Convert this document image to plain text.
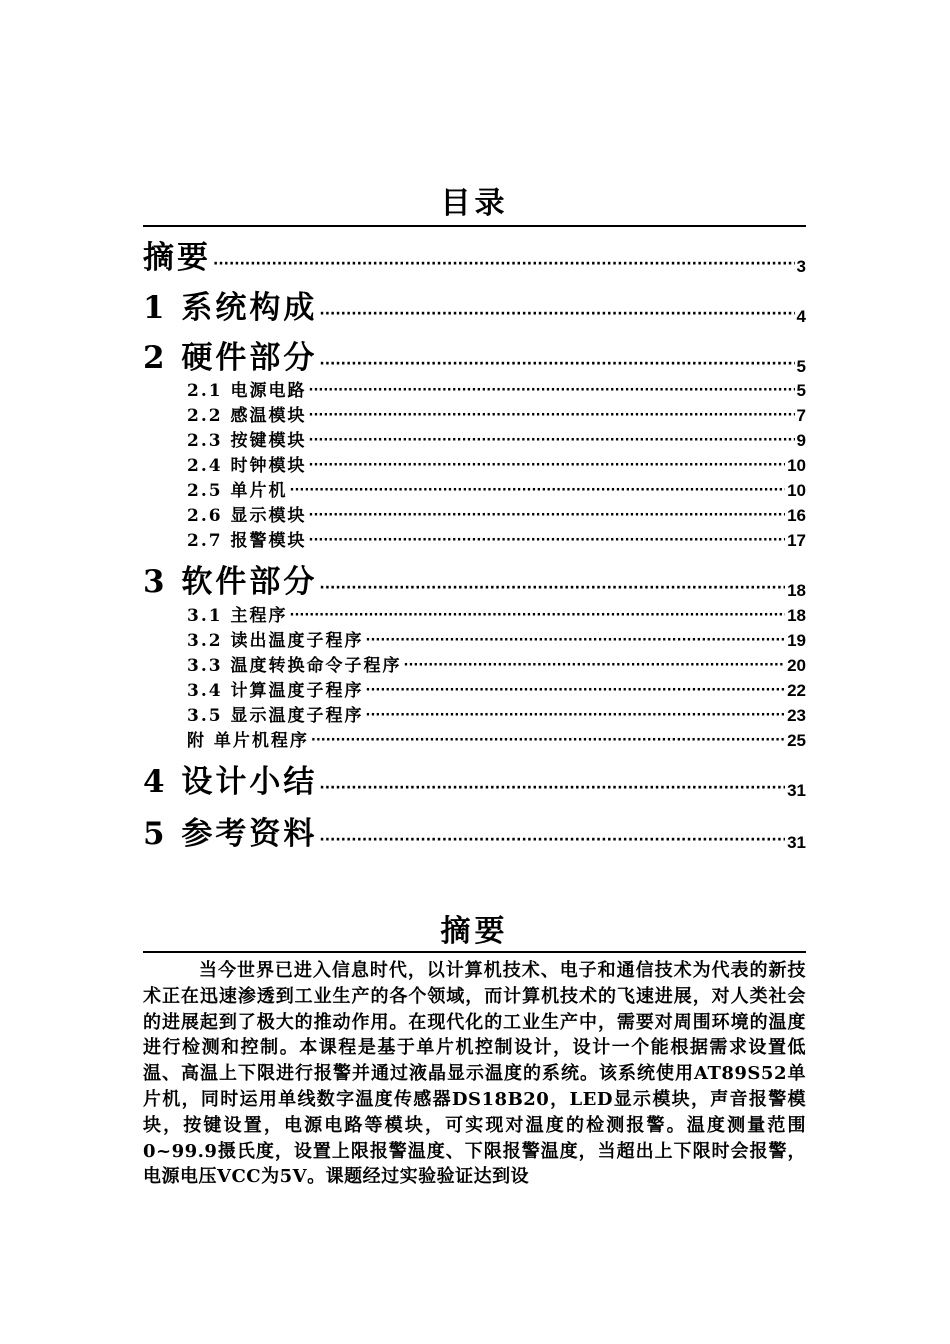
目录
摘要 ·····	3
1 系统构成 ·····	4
2 硬件部分 ·····	5
2.1 电源电路 ·····	5
2.2 感温模块 ·····	7
2.3 按键模块 ·····	9
2.4 时钟模块 ·····	10
2.5 单片机 ·····	10
2.6 显示模块 ·····	16
2.7 报警模块 ·····	17
3 软件部分 ·····	18
3.1 主程序 ·····	18
3.2 读出温度子程序 ·····	19
3.3 温度转换命令子程序 ·····	20
3.4 计算温度子程序 ·····	22
3.5 显示温度子程序 ·····	23
附 单片机程序 ·····	25
4 设计小结 ·····	31
5 参考资料 ·····	31
摘要
当今世界已进入信息时代，以计算机技术、电子和通信技术为代表的新技术正在迅速渗透到工业生产的各个领域，而计算机技术的飞速进展，对人类社会的进展起到了极大的推动作用。在现代化的工业生产中，需要对周围环境的温度进行检测和控制。本课程是基于单片机控制设计，设计一个能根据需求设置低温、高温上下限进行报警并通过液晶显示温度的系统。该系统使用AT89S52单片机，同时运用单线数字温度传感器DS18B20，LED显示模块，声音报警模块，按键设置，电源电路等模块，可实现对温度的检测报警。温度测量范围0~99.9摄氏度，设置上限报警温度、下限报警温度，当超出上下限时会报警，电源电压VCC为5V。课题经过实验验证达到设
